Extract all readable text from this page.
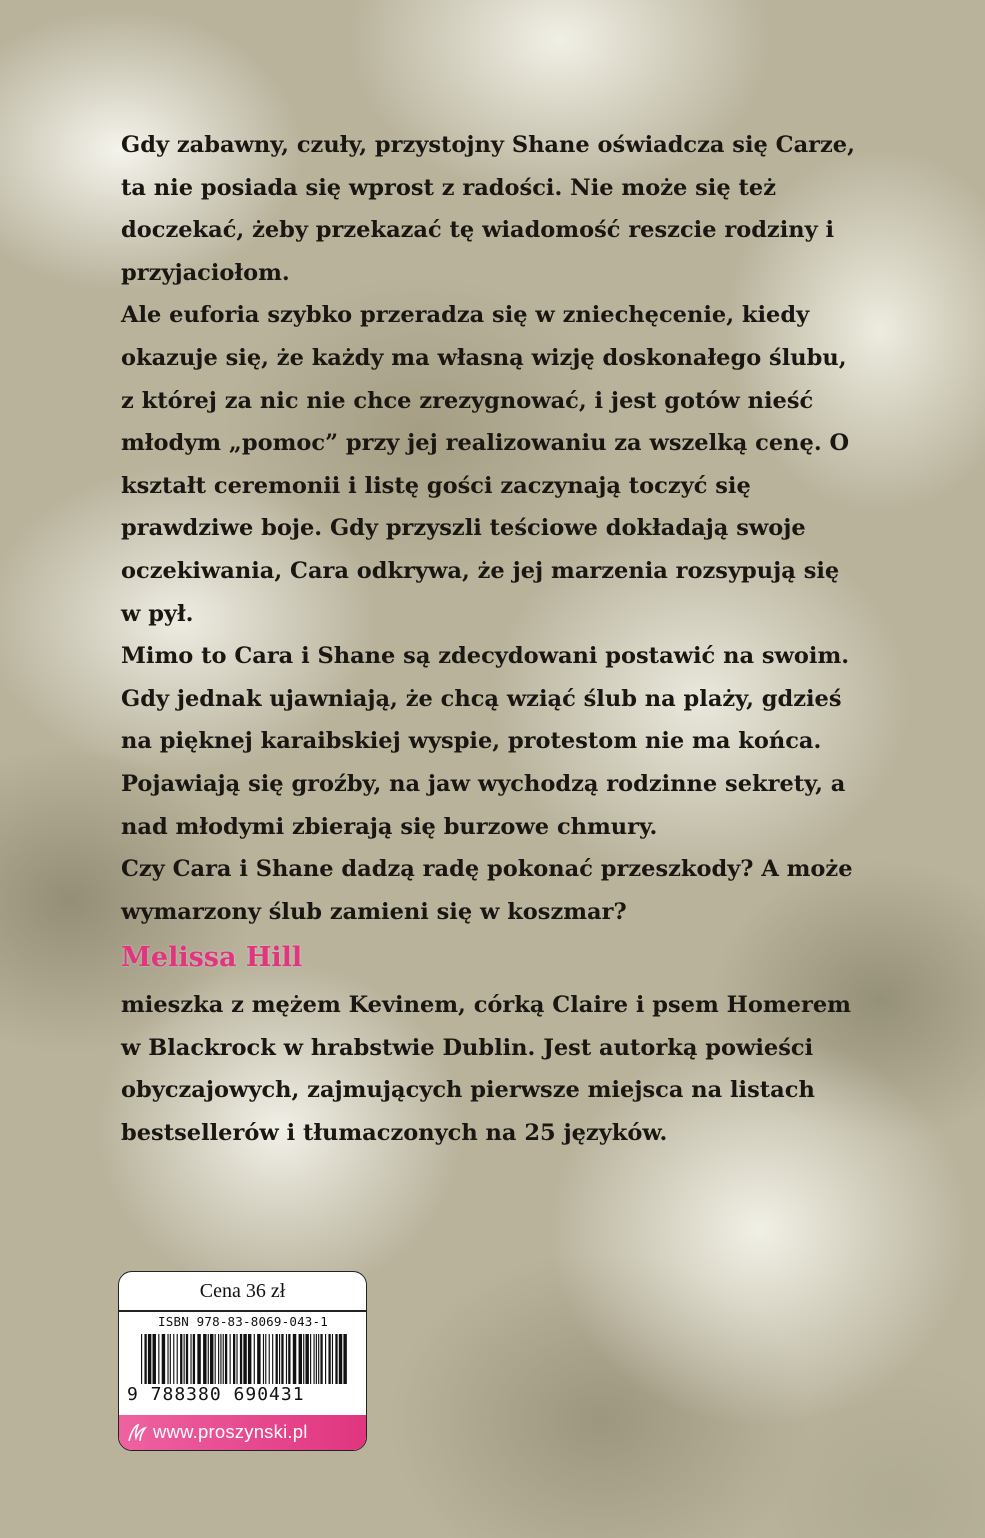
Gdy zabawny, czuły, przystojny Shane oświadcza się Carze, ta nie posiada się wprost z radości. Nie może się też doczekać, żeby przekazać tę wiadomość reszcie rodziny i przyjaciołom.

Ale euforia szybko przeradza się w zniechęcenie, kiedy okazuje się, że każdy ma własną wizję doskonałego ślubu, z której za nic nie chce zrezygnować, i jest gotów nieść młodym „pomoc” przy jej realizowaniu za wszelką cenę. O kształt ceremonii i listę gości zaczynają toczyć się prawdziwe boje. Gdy przyszli teściowe dokładają swoje oczekiwania, Cara odkrywa, że jej marzenia rozsypują się w pył.

Mimo to Cara i Shane są zdecydowani postawić na swoim. Gdy jednak ujawniają, że chcą wziąć ślub na plaży, gdzieś na pięknej karaibskiej wyspie, protestom nie ma końca. Pojawiają się groźby, na jaw wychodzą rodzinne sekrety, a nad młodymi zbierają się burzowe chmury.

Czy Cara i Shane dadzą radę pokonać przeszkody? A może wymarzony ślub zamieni się w koszmar?

Melissa Hill

mieszka z mężem Kevinem, córką Claire i psem Homerem w Blackrock w hrabstwie Dublin. Jest autorką powieści obyczajowych, zajmujących pierwsze miejsca na listach bestsellerów i tłumaczonych na 25 języków.

Cena 36 zł
ISBN 978-83-8069-043-1
9 788380 690431
www.proszynski.pl
